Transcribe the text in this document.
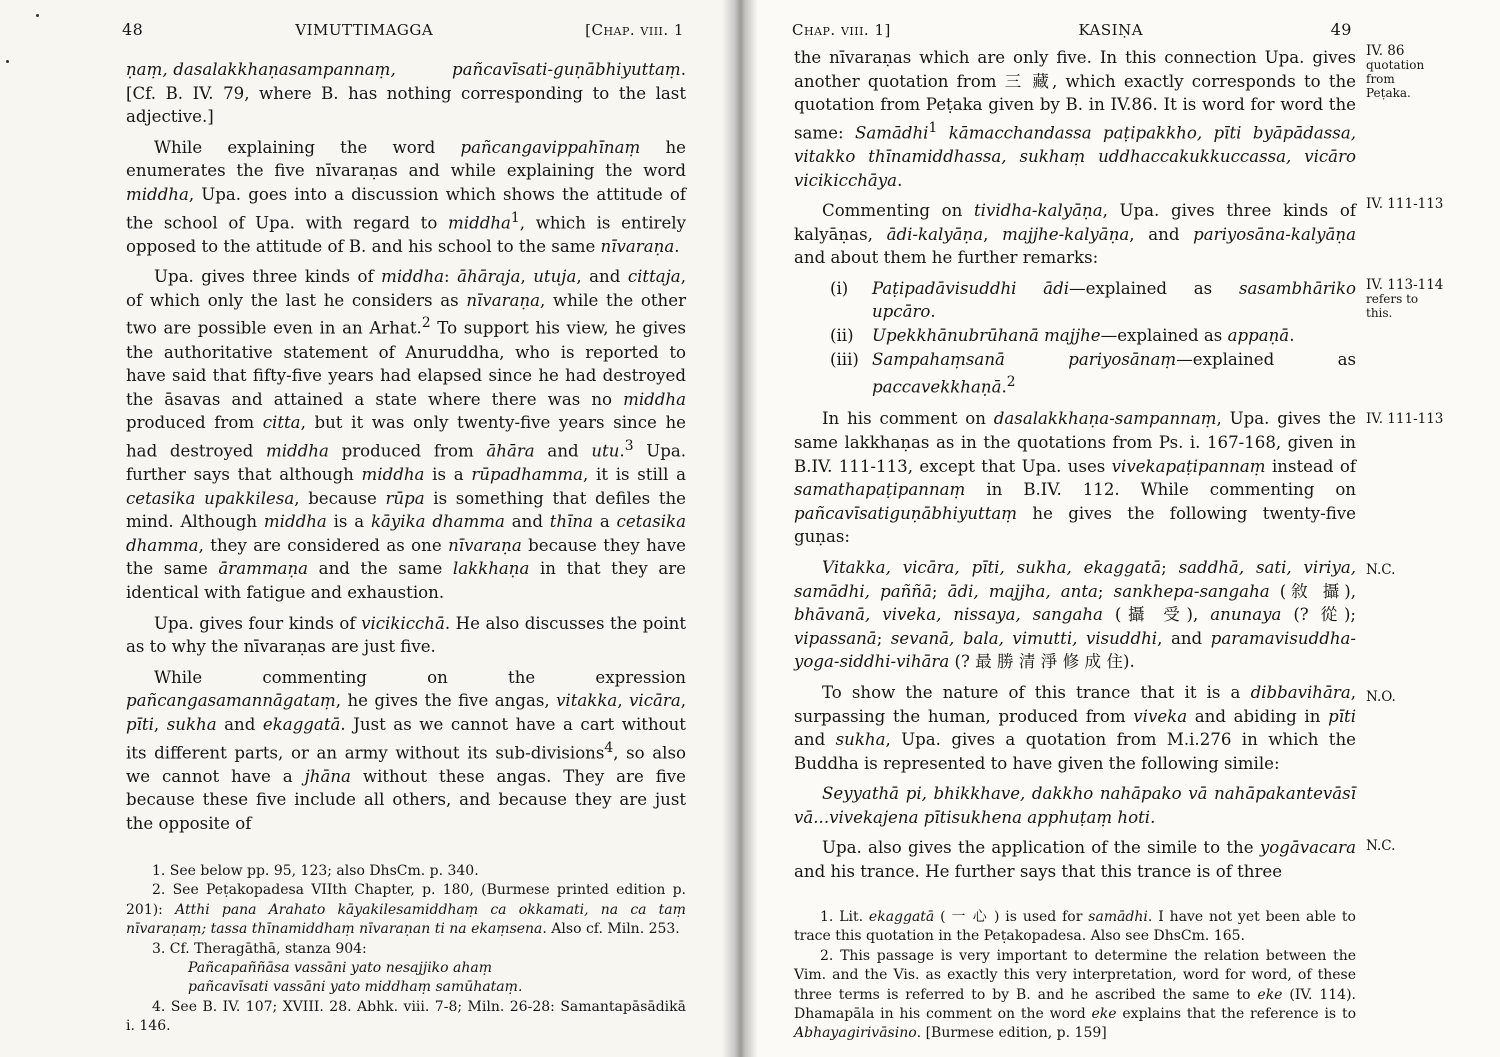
48	VIMUTTIMAGGA	[Chap. viii. 1

ṇaṃ, dasalakkhaṇasampannaṃ,	pañcavīsati-guṇābhiyuttaṃ. [Cf. B. IV. 79, where B. has nothing corresponding to the last adjective.]

While explaining the word pañcangavippahīnaṃ he enumerates the five nīvaraṇas and while explaining the word middha, Upa. goes into a discussion which shows the attitude of the school of Upa. with regard to middha$^1$, which is entirely opposed to the attitude of B. and his school to the same nīvaraṇa.

Upa. gives three kinds of middha: āhāraja, utuja, and cittaja, of which only the last he considers as nīvaraṇa, while the other two are possible even in an Arhat.$^2$ To support his view, he gives the authoritative statement of Anuruddha, who is reported to have said that fifty-five years had elapsed since he had destroyed the āsavas and attained a state where there was no middha produced from citta, but it was only twenty-five years since he had destroyed middha produced from āhāra and utu.$^3$ Upa. further says that although middha is a rūpadhamma, it is still a cetasika upakkilesa, because rūpa is something that defiles the mind. Although middha is a kāyika dhamma and thīna a cetasika dhamma, they are considered as one nīvaraṇa because they have the same ārammaṇa and the same lakkhaṇa in that they are identical with fatigue and exhaustion.

Upa. gives four kinds of vicikicchā. He also discusses the point as to why the nīvaraṇas are just five.

While commenting on the expression pañcangasamannāgataṃ, he gives the five angas, vitakka, vicāra, pīti, sukha and ekaggatā. Just as we cannot have a cart without its different parts, or an army without its sub-divisions$^4$, so also we cannot have a jhāna without these angas. They are five because these five include all others, and because they are just the opposite of

1. See below pp. 95, 123; also DhsCm. p. 340.
2. See Peṭakopadesa VIIth Chapter, p. 180, (Burmese printed edition p. 201): Atthi pana Arahato kāyakilesamiddhaṃ ca okkamati, na ca taṃ nīvaraṇaṃ; tassa thīnamiddhaṃ nīvaraṇan ti na ekaṃsena. Also cf. Miln. 253.
3. Cf. Theragāthā, stanza 904:
Pañcapaññāsa vassāni yato nesajjiko ahaṃ
pañcavīsati vassāni yato middhaṃ samūhataṃ.
4. See B. IV. 107; XVIII. 28. Abhk. viii. 7-8; Miln. 26-28: Samantapāsādikā i. 146.
Chap. viii. 1]	KASIṆA	49

the nīvaraṇas which are only five. In this connection Upa. gives another quotation from 三 藏, which exactly corresponds to the quotation from Peṭaka given by B. in IV.86. It is word for word the same: Samādhi$^1$ kāmacchandassa paṭipakkho, pīti byāpādassa, vitakko thīnamiddhassa, sukhaṃ uddhaccakukkuccassa, vicāro vicikicchāya.

Commenting on tividha-kalyāṇa, Upa. gives three kinds of kalyāṇas, ādi-kalyāṇa, majjhe-kalyāṇa, and pariyosāna-kalyāṇa and about them he further remarks:

(i)	Paṭipadāvisuddhi ādi—explained as sasambhāriko upcāro.
(ii)	Upekkhānubrūhanā majjhe—explained as appaṇā.
(iii) Sampahaṃsanā pariyosānaṃ—explained as paccavekkhaṇā.$^2$

In his comment on dasalakkhaṇa-sampannaṃ, Upa. gives the same lakkhaṇas as in the quotations from Ps. i. 167-168, given in B.IV. 111-113, except that Upa. uses vivekapaṭipannaṃ instead of samathapaṭipannaṃ in B.IV. 112. While commenting on pañcavīsatiguṇābhiyuttaṃ he gives the following twenty-five guṇas:

Vitakka, vicāra, pīti, sukha, ekaggatā; saddhā, sati, viriya, samādhi, paññā; ādi, majjha, anta; sankhepa-sangaha (敘 攝), bhāvanā, viveka, nissaya, sangaha (攝 受), anunaya (? 從); vipassanā; sevanā, bala, vimutti, visuddhi, and paramavisuddha-yoga-siddhi-vihāra (? 最 勝 清 淨 修 成 住).

To show the nature of this trance that it is a dibbavihāra, surpassing the human, produced from viveka and abiding in pīti and sukha, Upa. gives a quotation from M.i.276 in which the Buddha is represented to have given the following simile:

Seyyathā pi, bhikkhave, dakkho nahāpako vā nahāpakantevāsī vā...vivekajena pītisukhena apphuṭaṃ hoti.

Upa. also gives the application of the simile to the yogāvacara and his trance. He further says that this trance is of three

IV. 86
quotation
from
Peṭaka.
IV. 111-113
IV. 113-114
refers to
this.
IV. 111-113
N.C.
N.O.
N.C.
1. Lit. ekaggatā ( 一 心 ) is used for samādhi. I have not yet been able to trace this quotation in the Peṭakopadesa. Also see DhsCm. 165.
2. This passage is very important to determine the relation between the Vim. and the Vis. as exactly this very interpretation, word for word, of these three terms is referred to by B. and he ascribed the same to eke (IV. 114). Dhamapāla in his comment on the word eke explains that the reference is to Abhayagirivāsino. [Burmese edition, p. 159]
